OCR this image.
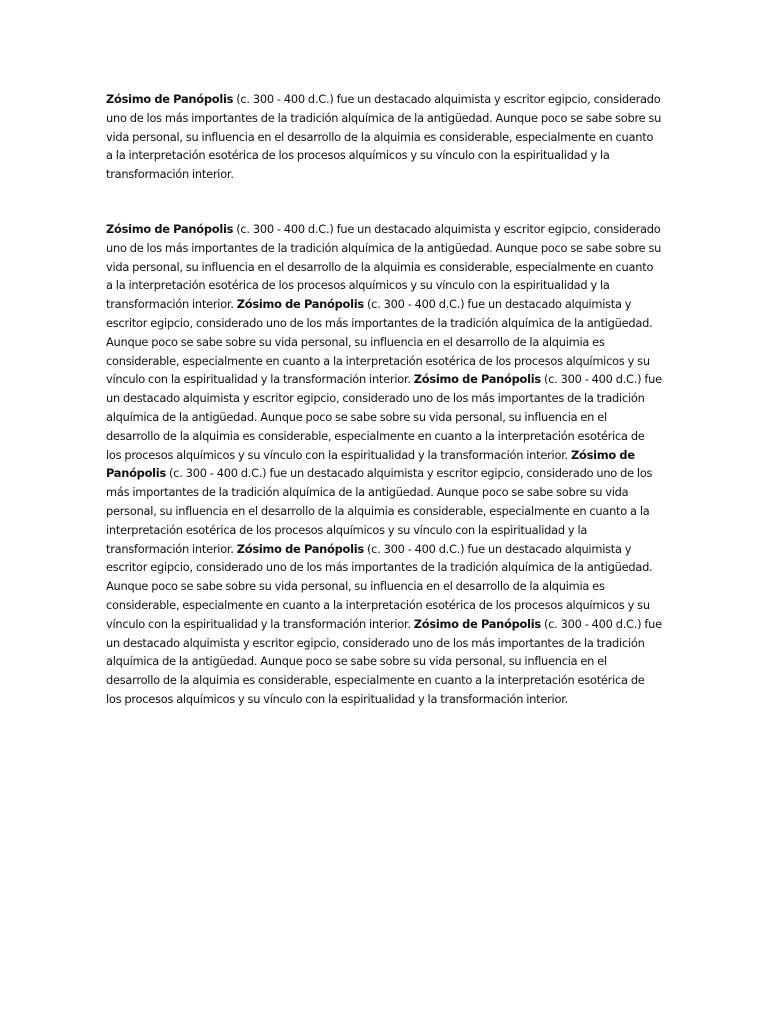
Zósimo de Panópolis (c. 300 - 400 d.C.) fue un destacado alquimista y escritor egipcio, considerado uno de los más importantes de la tradición alquímica de la antigüedad. Aunque poco se sabe sobre su vida personal, su influencia en el desarrollo de la alquimia es considerable, especialmente en cuanto a la interpretación esotérica de los procesos alquímicos y su vínculo con la espiritualidad y la transformación interior.

Zósimo de Panópolis (c. 300 - 400 d.C.) fue un destacado alquimista y escritor egipcio, considerado uno de los más importantes de la tradición alquímica de la antigüedad. Aunque poco se sabe sobre su vida personal, su influencia en el desarrollo de la alquimia es considerable, especialmente en cuanto a la interpretación esotérica de los procesos alquímicos y su vínculo con la espiritualidad y la transformación interior. Zósimo de Panópolis (c. 300 - 400 d.C.) fue un destacado alquimista y escritor egipcio, considerado uno de los más importantes de la tradición alquímica de la antigüedad. Aunque poco se sabe sobre su vida personal, su influencia en el desarrollo de la alquimia es considerable, especialmente en cuanto a la interpretación esotérica de los procesos alquímicos y su vínculo con la espiritualidad y la transformación interior. Zósimo de Panópolis (c. 300 - 400 d.C.) fue un destacado alquimista y escritor egipcio, considerado uno de los más importantes de la tradición alquímica de la antigüedad. Aunque poco se sabe sobre su vida personal, su influencia en el desarrollo de la alquimia es considerable, especialmente en cuanto a la interpretación esotérica de los procesos alquímicos y su vínculo con la espiritualidad y la transformación interior. Zósimo de Panópolis (c. 300 - 400 d.C.) fue un destacado alquimista y escritor egipcio, considerado uno de los más importantes de la tradición alquímica de la antigüedad. Aunque poco se sabe sobre su vida personal, su influencia en el desarrollo de la alquimia es considerable, especialmente en cuanto a la interpretación esotérica de los procesos alquímicos y su vínculo con la espiritualidad y la transformación interior. Zósimo de Panópolis (c. 300 - 400 d.C.) fue un destacado alquimista y escritor egipcio, considerado uno de los más importantes de la tradición alquímica de la antigüedad. Aunque poco se sabe sobre su vida personal, su influencia en el desarrollo de la alquimia es considerable, especialmente en cuanto a la interpretación esotérica de los procesos alquímicos y su vínculo con la espiritualidad y la transformación interior. Zósimo de Panópolis (c. 300 - 400 d.C.) fue un destacado alquimista y escritor egipcio, considerado uno de los más importantes de la tradición alquímica de la antigüedad. Aunque poco se sabe sobre su vida personal, su influencia en el desarrollo de la alquimia es considerable, especialmente en cuanto a la interpretación esotérica de los procesos alquímicos y su vínculo con la espiritualidad y la transformación interior.
